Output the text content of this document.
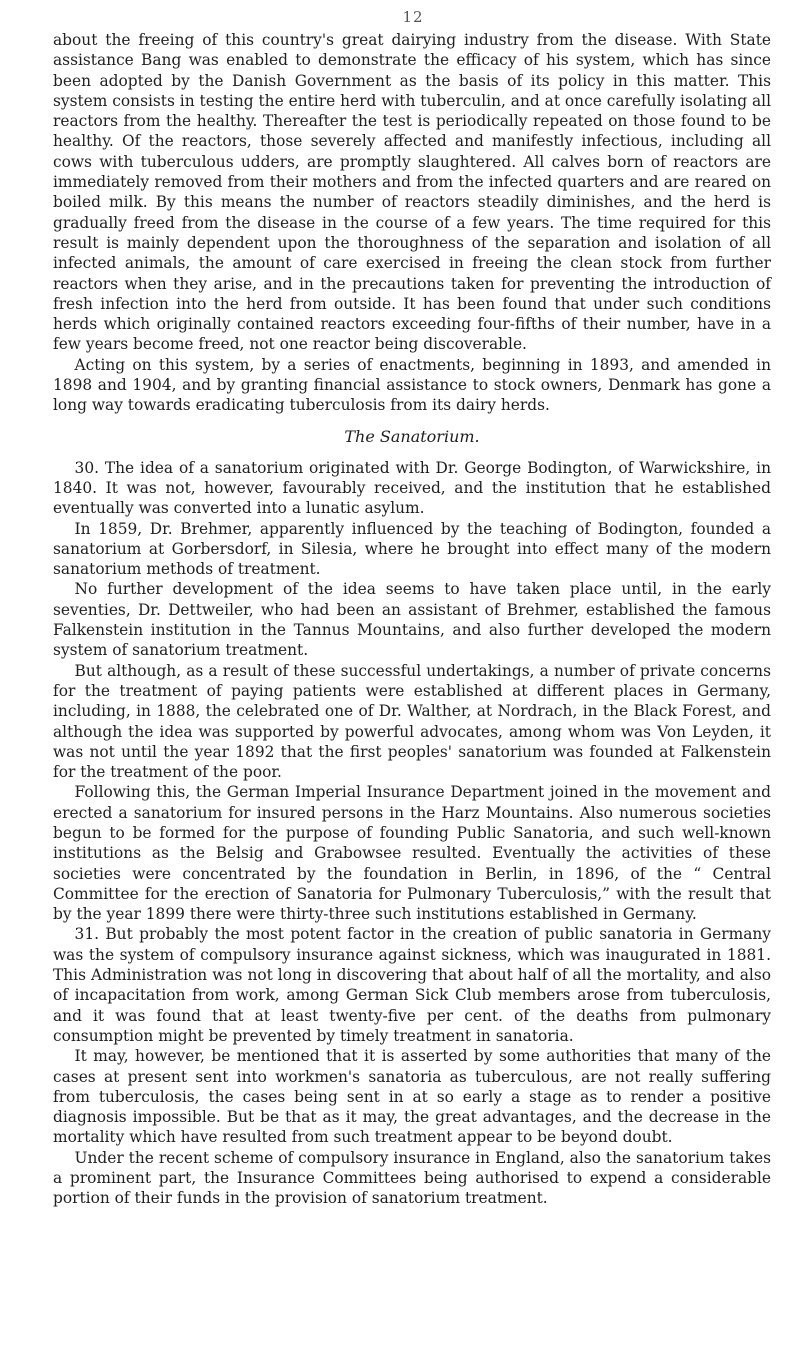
12

about the freeing of this country's great dairying industry from the disease. With State assistance Bang was enabled to demonstrate the efficacy of his system, which has since been adopted by the Danish Government as the basis of its policy in this matter. This system consists in testing the entire herd with tuberculin, and at once carefully isolating all reactors from the healthy. Thereafter the test is periodically repeated on those found to be healthy. Of the reactors, those severely affected and manifestly infectious, including all cows with tuberculous udders, are promptly slaughtered. All calves born of reactors are immediately removed from their mothers and from the infected quarters and are reared on boiled milk. By this means the number of reactors steadily diminishes, and the herd is gradually freed from the disease in the course of a few years. The time required for this result is mainly dependent upon the thoroughness of the separation and isolation of all infected animals, the amount of care exercised in freeing the clean stock from further reactors when they arise, and in the precautions taken for preventing the introduction of fresh infection into the herd from outside. It has been found that under such conditions herds which originally contained reactors exceeding four-fifths of their number, have in a few years become freed, not one reactor being discoverable.

Acting on this system, by a series of enactments, beginning in 1893, and amended in 1898 and 1904, and by granting financial assistance to stock owners, Denmark has gone a long way towards eradicating tuberculosis from its dairy herds.

The Sanatorium.

30. The idea of a sanatorium originated with Dr. George Bodington, of Warwickshire, in 1840. It was not, however, favourably received, and the institution that he established eventually was converted into a lunatic asylum.

In 1859, Dr. Brehmer, apparently influenced by the teaching of Bodington, founded a sanatorium at Gorbersdorf, in Silesia, where he brought into effect many of the modern sanatorium methods of treatment.

No further development of the idea seems to have taken place until, in the early seventies, Dr. Dettweiler, who had been an assistant of Brehmer, established the famous Falkenstein institution in the Tannus Mountains, and also further developed the modern system of sanatorium treatment.

But although, as a result of these successful undertakings, a number of private concerns for the treatment of paying patients were established at different places in Germany, including, in 1888, the celebrated one of Dr. Walther, at Nordrach, in the Black Forest, and although the idea was supported by powerful advocates, among whom was Von Leyden, it was not until the year 1892 that the first peoples' sanatorium was founded at Falkenstein for the treatment of the poor.

Following this, the German Imperial Insurance Department joined in the movement and erected a sanatorium for insured persons in the Harz Mountains. Also numerous societies begun to be formed for the purpose of founding Public Sanatoria, and such well-known institutions as the Belsig and Grabowsee resulted. Eventually the activities of these societies were concentrated by the foundation in Berlin, in 1896, of the “ Central Committee for the erection of Sanatoria for Pulmonary Tuberculosis,” with the result that by the year 1899 there were thirty-three such institutions established in Germany.

31. But probably the most potent factor in the creation of public sanatoria in Germany was the system of compulsory insurance against sickness, which was inaugurated in 1881. This Administration was not long in discovering that about half of all the mortality, and also of incapacitation from work, among German Sick Club members arose from tuberculosis, and it was found that at least twenty-five per cent. of the deaths from pulmonary consumption might be prevented by timely treatment in sanatoria.

It may, however, be mentioned that it is asserted by some authorities that many of the cases at present sent into workmen's sanatoria as tuberculous, are not really suffering from tuberculosis, the cases being sent in at so early a stage as to render a positive diagnosis impossible. But be that as it may, the great advantages, and the decrease in the mortality which have resulted from such treatment appear to be beyond doubt.

Under the recent scheme of compulsory insurance in England, also the sanatorium takes a prominent part, the Insurance Committees being authorised to expend a considerable portion of their funds in the provision of sanatorium treatment.
